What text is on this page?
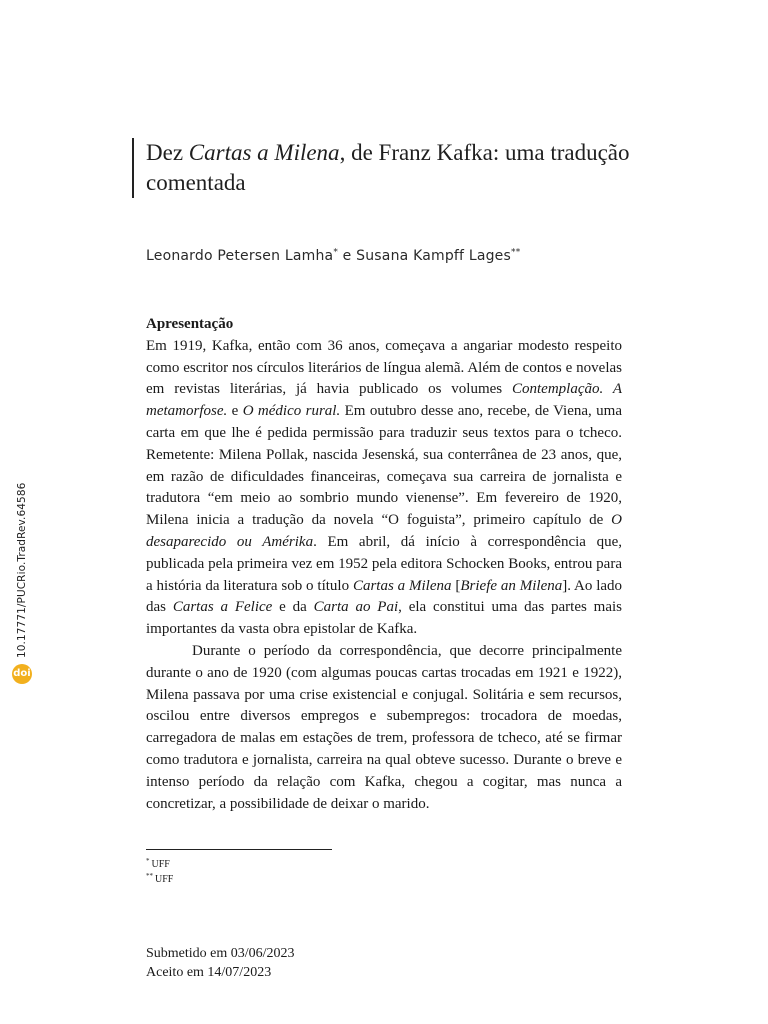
Dez Cartas a Milena, de Franz Kafka: uma tradução comentada
Leonardo Petersen Lamha* e Susana Kampff Lages**

Apresentação

Em 1919, Kafka, então com 36 anos, começava a angariar modesto respeito como escritor nos círculos literários de língua alemã. Além de contos e novelas em revistas literárias, já havia publicado os volumes Contemplação. A metamorfose. e O médico rural. Em outubro desse ano, recebe, de Viena, uma carta em que lhe é pedida permissão para traduzir seus textos para o tcheco. Remetente: Milena Pollak, nascida Jesenská, sua conterrânea de 23 anos, que, em razão de dificuldades financeiras, começava sua carreira de jornalista e tradutora “em meio ao sombrio mundo vienense”. Em fevereiro de 1920, Milena inicia a tradução da novela “O foguista”, primeiro capítulo de O desaparecido ou Amérika. Em abril, dá início à correspondência que, publicada pela primeira vez em 1952 pela editora Schocken Books, entrou para a história da literatura sob o título Cartas a Milena [Briefe an Milena]. Ao lado das Cartas a Felice e da Carta ao Pai, ela constitui uma das partes mais importantes da vasta obra epistolar de Kafka.

Durante o período da correspondência, que decorre principalmente durante o ano de 1920 (com algumas poucas cartas trocadas em 1921 e 1922), Milena passava por uma crise existencial e conjugal. Solitária e sem recursos, oscilou entre diversos empregos e subempregos: trocadora de moedas, carregadora de malas em estações de trem, professora de tcheco, até se firmar como tradutora e jornalista, carreira na qual obteve sucesso. Durante o breve e intenso período da relação com Kafka, chegou a cogitar, mas nunca a concretizar, a possibilidade de deixar o marido.

* UFF
** UFF
Submetido em 03/06/2023
Aceito em 14/07/2023
doi
10.17771/PUCRio.TradRev.64586
